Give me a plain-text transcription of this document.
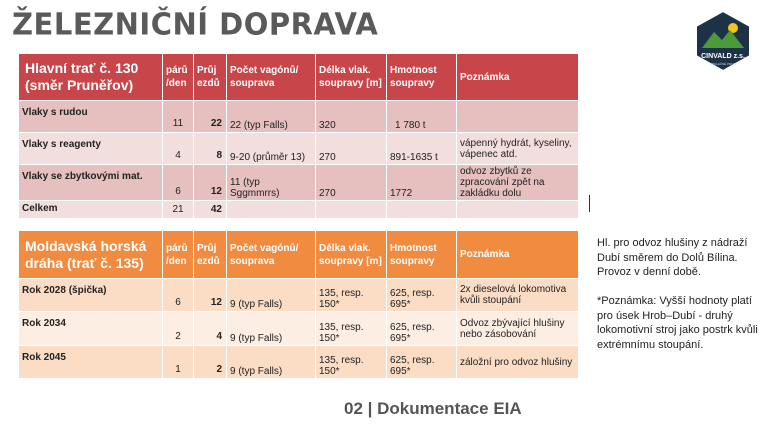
ŽELEZNIČNÍ DOPRAVA
CINVALD z.s.
SPOLEČNĚ PROTI
Hlavní trať č. 130 (směr Pruněřov)	párů /den	Průj ezdů	Počet vagónů/ souprava	Délka vlak. soupravy [m]	Hmotnost soupravy	Poznámka
Vlaky s rudou	11	22	22 (typ Falls)	320	1 780 t	
Vlaky s reagenty	4	8	9-20 (průměr 13)	270	891-1635 t	vápenný hydrát, kyseliny, vápenec atd.
Vlaky se zbytkovými mat.	6	12	11 (typ Sggmmrrs)	270	1772	odvoz zbytků ze zpracování zpět na zakládku dolu
Celkem	21	42				
Moldavská horská dráha (trať č. 135)	párů /den	Průj ezdů	Počet vagónů/ souprava	Délka vlak. soupravy [m]	Hmotnost soupravy	Poznámka
Rok 2028 (špička)	6	12	9 (typ Falls)	135, resp. 150*	625, resp. 695*	2x dieselová lokomotiva kvůli stoupání
Rok 2034	2	4	9 (typ Falls)	135, resp. 150*	625, resp. 695*	Odvoz zbývající hlušiny nebo zásobování
Rok 2045	1	2	9 (typ Falls)	135, resp. 150*	625, resp. 695*	záložní pro odvoz hlušiny
Hl. pro odvoz hlušiny z nádraží Dubí směrem do Dolů Bílina. Provoz v denní době.
*Poznámka: Vyšší hodnoty platí pro úsek Hrob–Dubí - druhý lokomotivní stroj jako postrk kvůli extrémnímu stoupání.
02 | Dokumentace EIA
